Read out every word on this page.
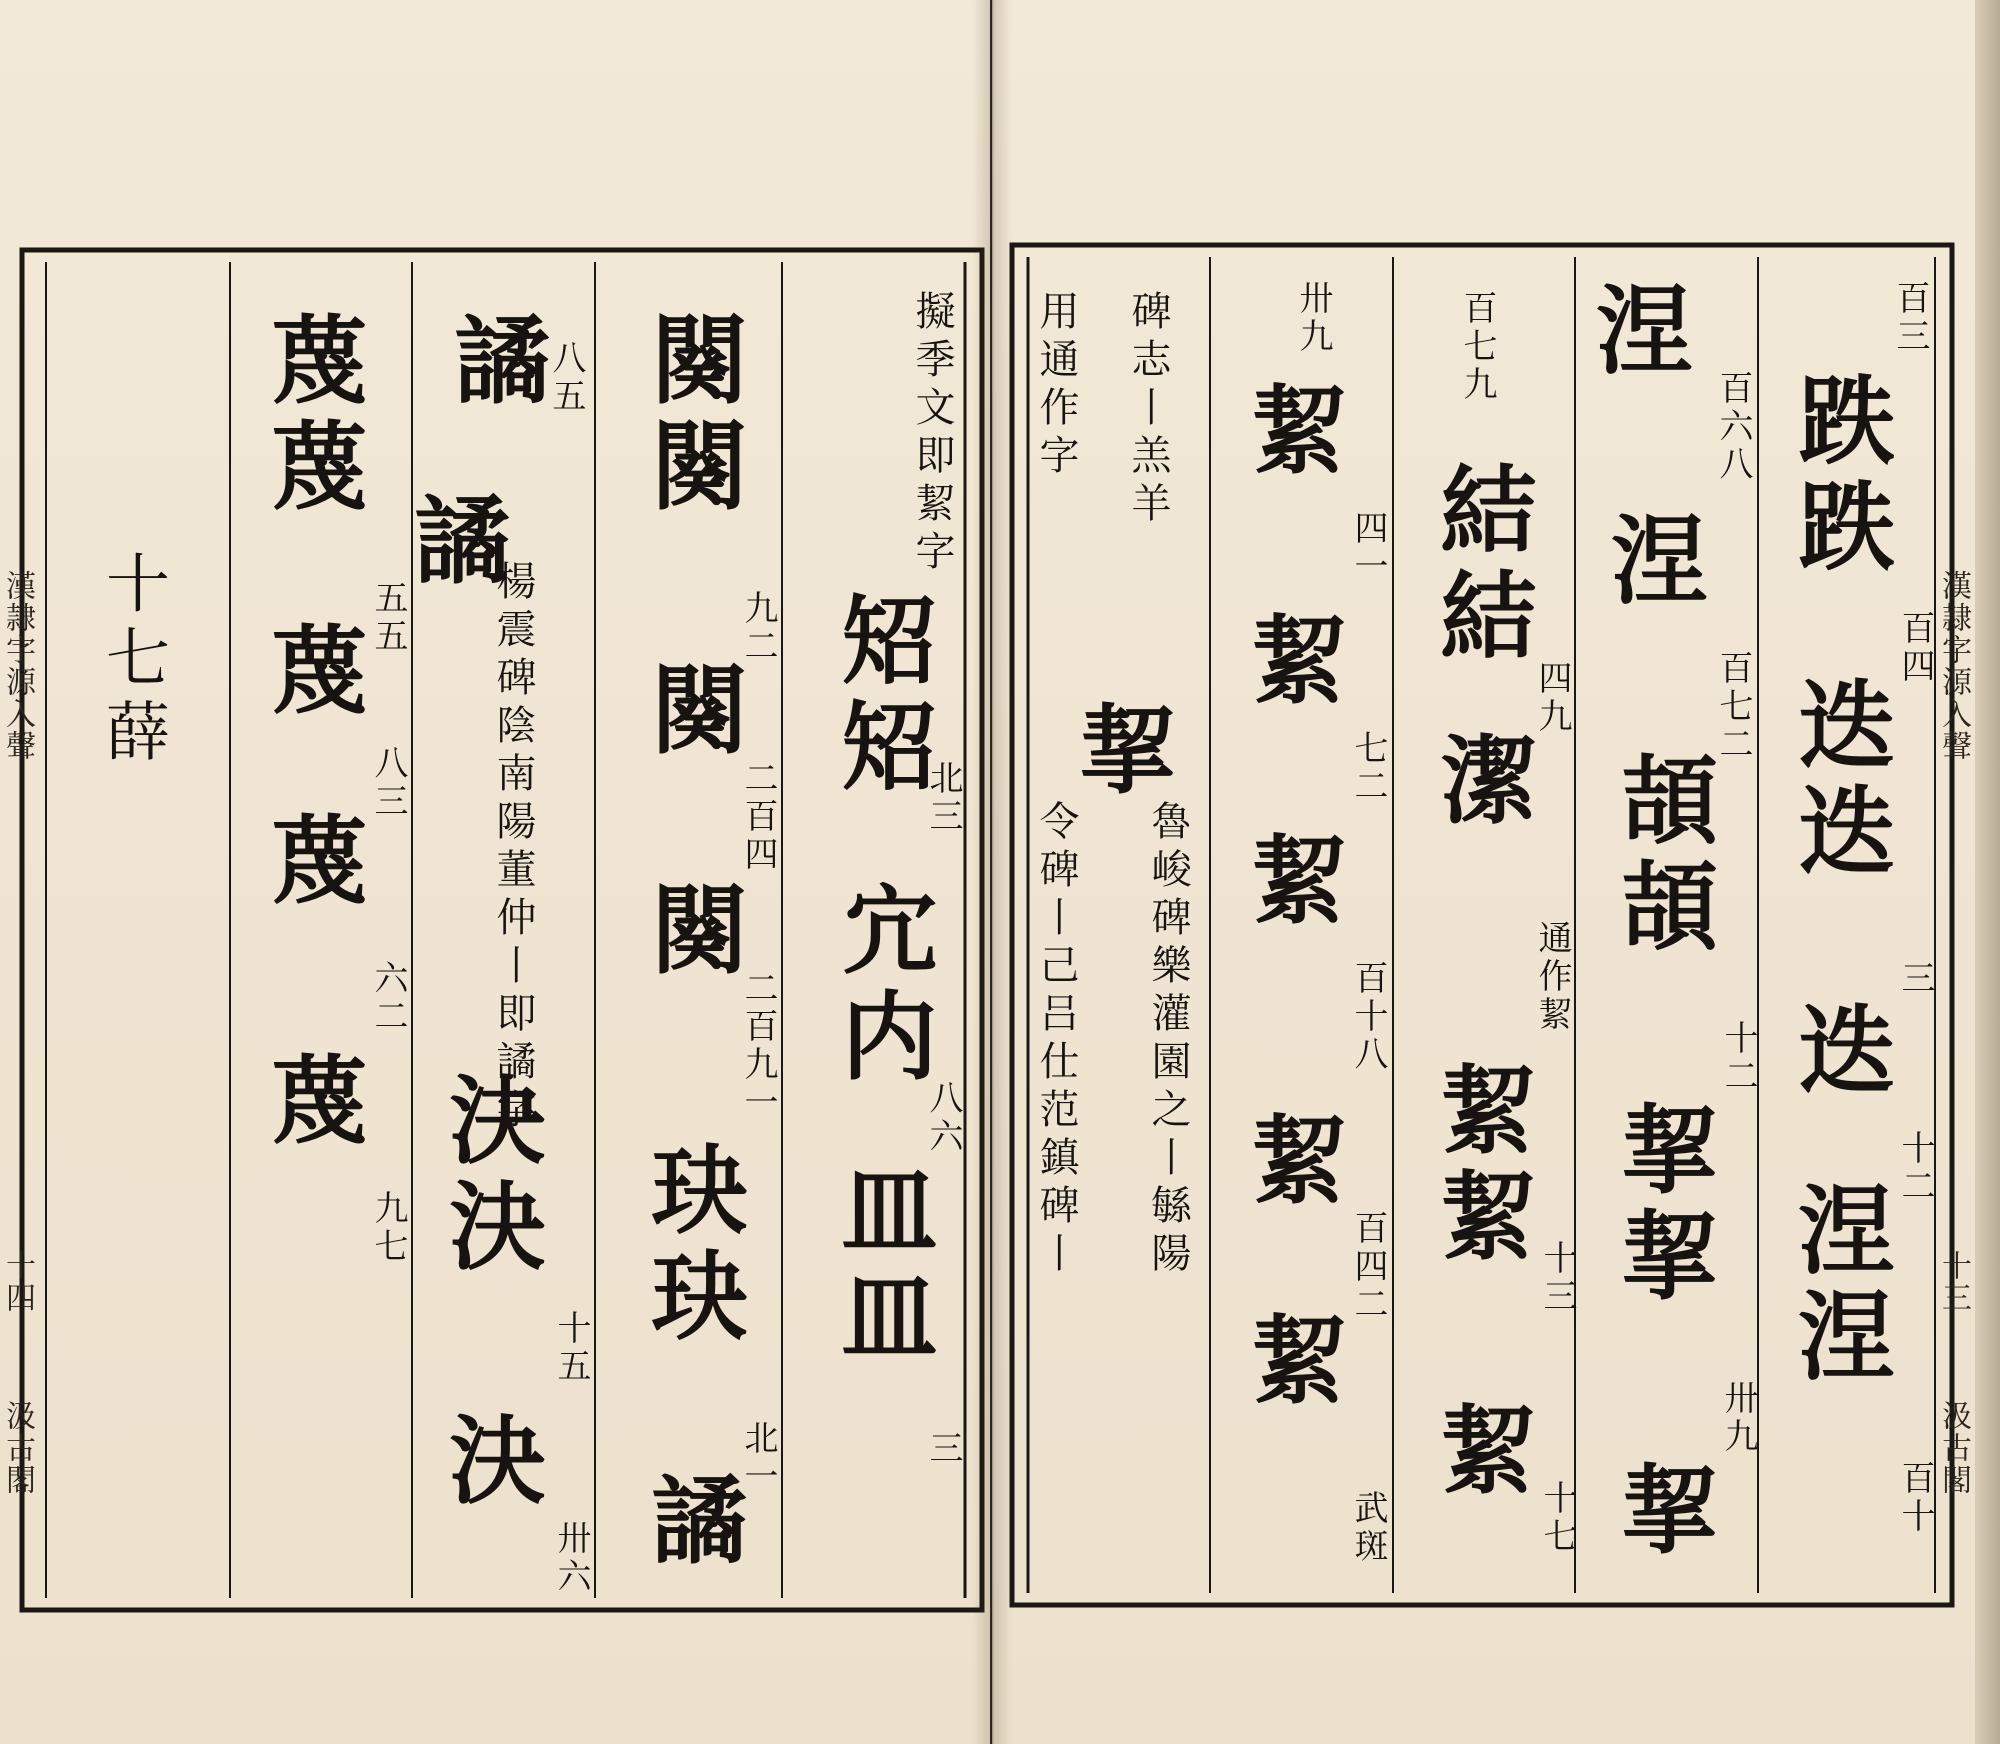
漢隷字源入聲

十四

汲古閣

擬季文即絜字

䂏

䂏

北三

宂

内

八六

皿

皿

三

闋

闋

九二

闋

二百四

闋

二百九一

玦

玦

北一

譎

譎

八五

譎

楊震碑陰南陽董仲丨即譎字

決

決

十五

決

卅六

蔑

蔑

五五

蔑

八三

蔑

六二

蔑

九七

十七薛

百三

跌

跌

百四

迭

迭

三

迭

十二

涅

涅

百十

涅

百六八

涅

百七二

頡

頡

十二

挈

挈

卅九

挈

百七九

結

結

四九

潔

通作絜

絜

絜

十三

絜

十七

卅九

絜

四一

絜

七二

絜

百十八

絜

百四二

絜

武斑

碑志丨羔羊

挈

魯峻碑樂灌園之丨緐陽

用通作字

令碑丨己吕仕范鎮碑丨

漢隷字源入聲

十三

汲古閣
